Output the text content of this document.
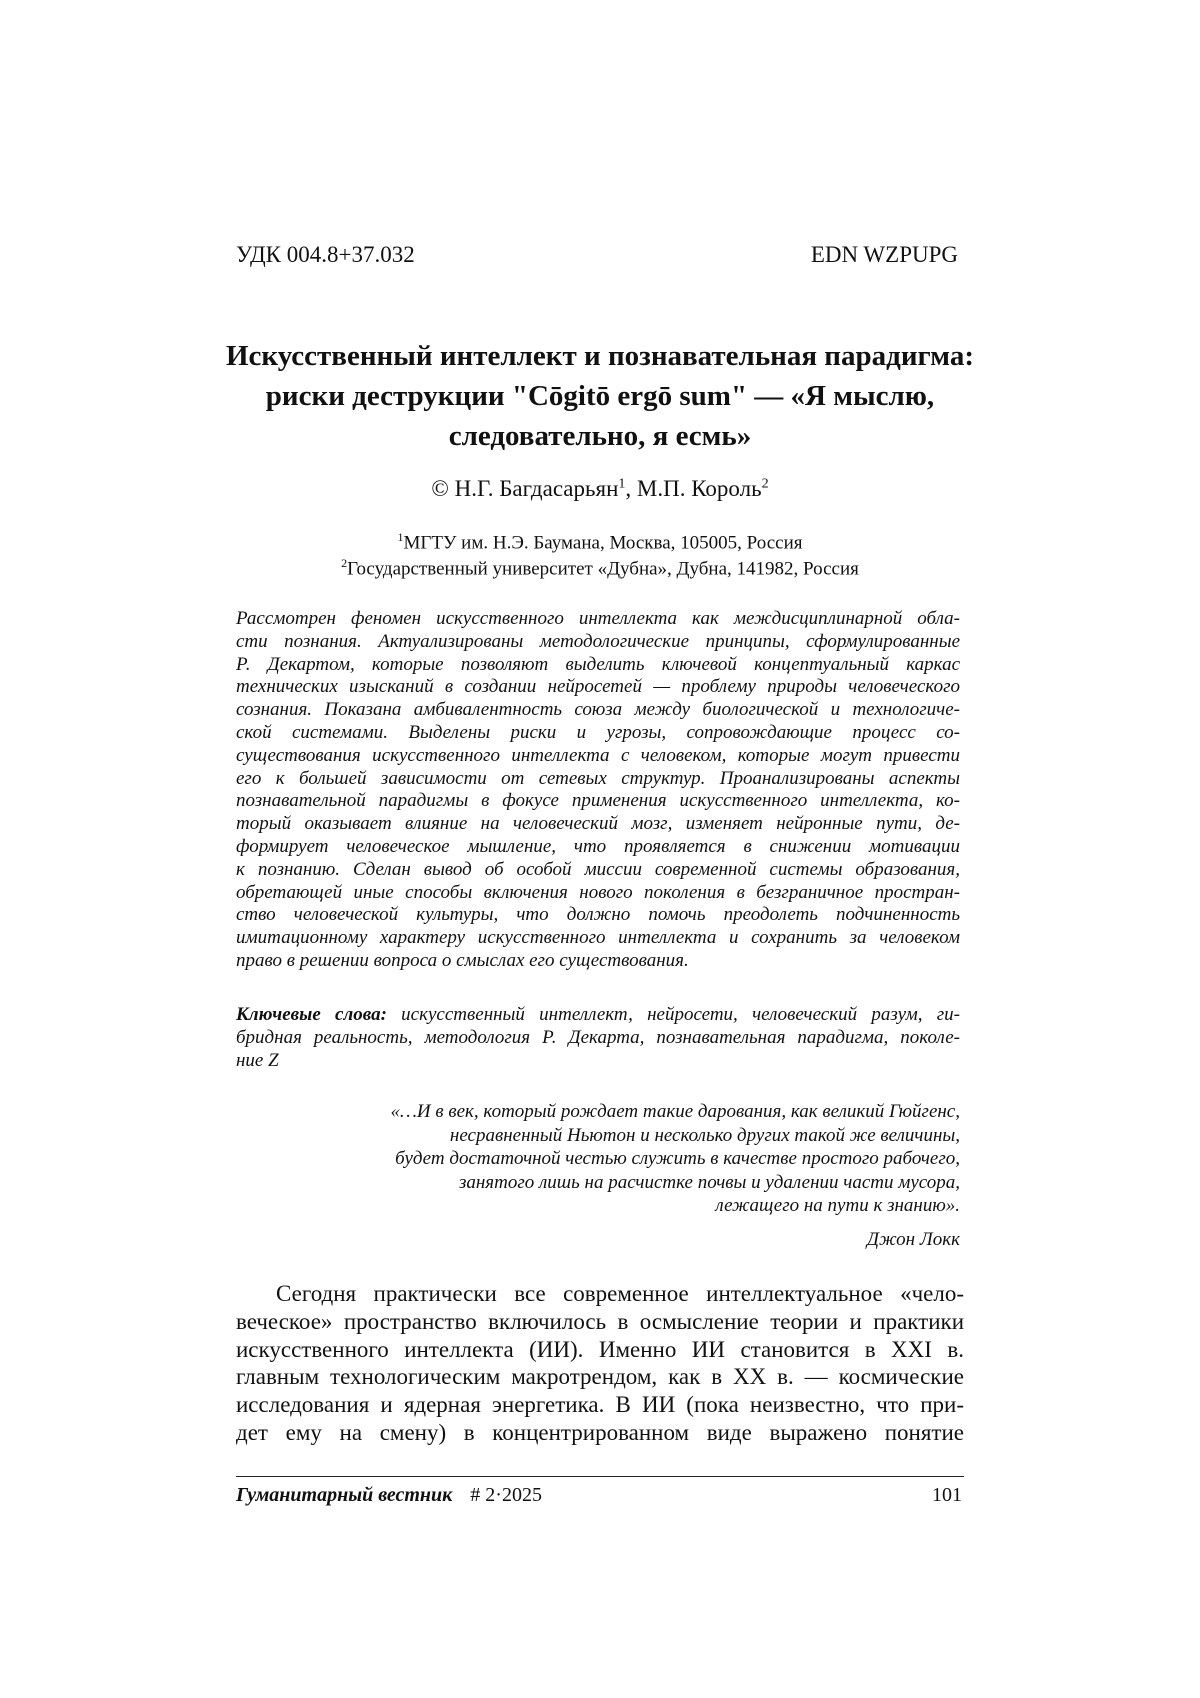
УДК 004.8+37.032	EDN WZPUPG
Искусственный интеллект и познавательная парадигма:
риски деструкции "Cōgitō ergō sum" — «Я мыслю,
следовательно, я есмь»
© Н.Г. Багдасарьян$^1$, М.П. Король$^2$
$^1$МГТУ им. Н.Э. Баумана, Москва, 105005, Россия
$^2$Государственный университет «Дубна», Дубна, 141982, Россия
Рассмотрен феномен искусственного интеллекта как междисциплинарной обла-
сти познания. Актуализированы методологические принципы, сформулированные
Р. Декартом, которые позволяют выделить ключевой концептуальный каркас
технических изысканий в создании нейросетей — проблему природы человеческого
сознания. Показана амбивалентность союза между биологической и технологиче-
ской системами. Выделены риски и угрозы, сопровождающие процесс со-
существования искусственного интеллекта с человеком, которые могут привести
его к большей зависимости от сетевых структур. Проанализированы аспекты
познавательной парадигмы в фокусе применения искусственного интеллекта, ко-
торый оказывает влияние на человеческий мозг, изменяет нейронные пути, де-
формирует человеческое мышление, что проявляется в снижении мотивации
к познанию. Сделан вывод об особой миссии современной системы образования,
обретающей иные способы включения нового поколения в безграничное простран-
ство человеческой культуры, что должно помочь преодолеть подчиненность
имитационному характеру искусственного интеллекта и сохранить за человеком
право в решении вопроса о смыслах его существования.
Ключевые слова: искусственный интеллект, нейросети, человеческий разум, ги-
бридная реальность, методология Р. Декарта, познавательная парадигма, поколе-
ние Z
«…И в век, который рождает такие дарования, как великий Гюйгенс,
несравненный Ньютон и несколько других такой же величины,
будет достаточной честью служить в качестве простого рабочего,
занятого лишь на расчистке почвы и удалении части мусора,
лежащего на пути к знанию».
Джон Локк
Сегодня практически все современное интеллектуальное «чело-
веческое» пространство включилось в осмысление теории и практики
искусственного интеллекта (ИИ). Именно ИИ становится в XXI в.
главным технологическим макротрендом, как в XX в. — космические
исследования и ядерная энергетика. В ИИ (пока неизвестно, что при-
дет ему на смену) в концентрированном виде выражено понятие
Гуманитарный вестник # 2·2025	101
